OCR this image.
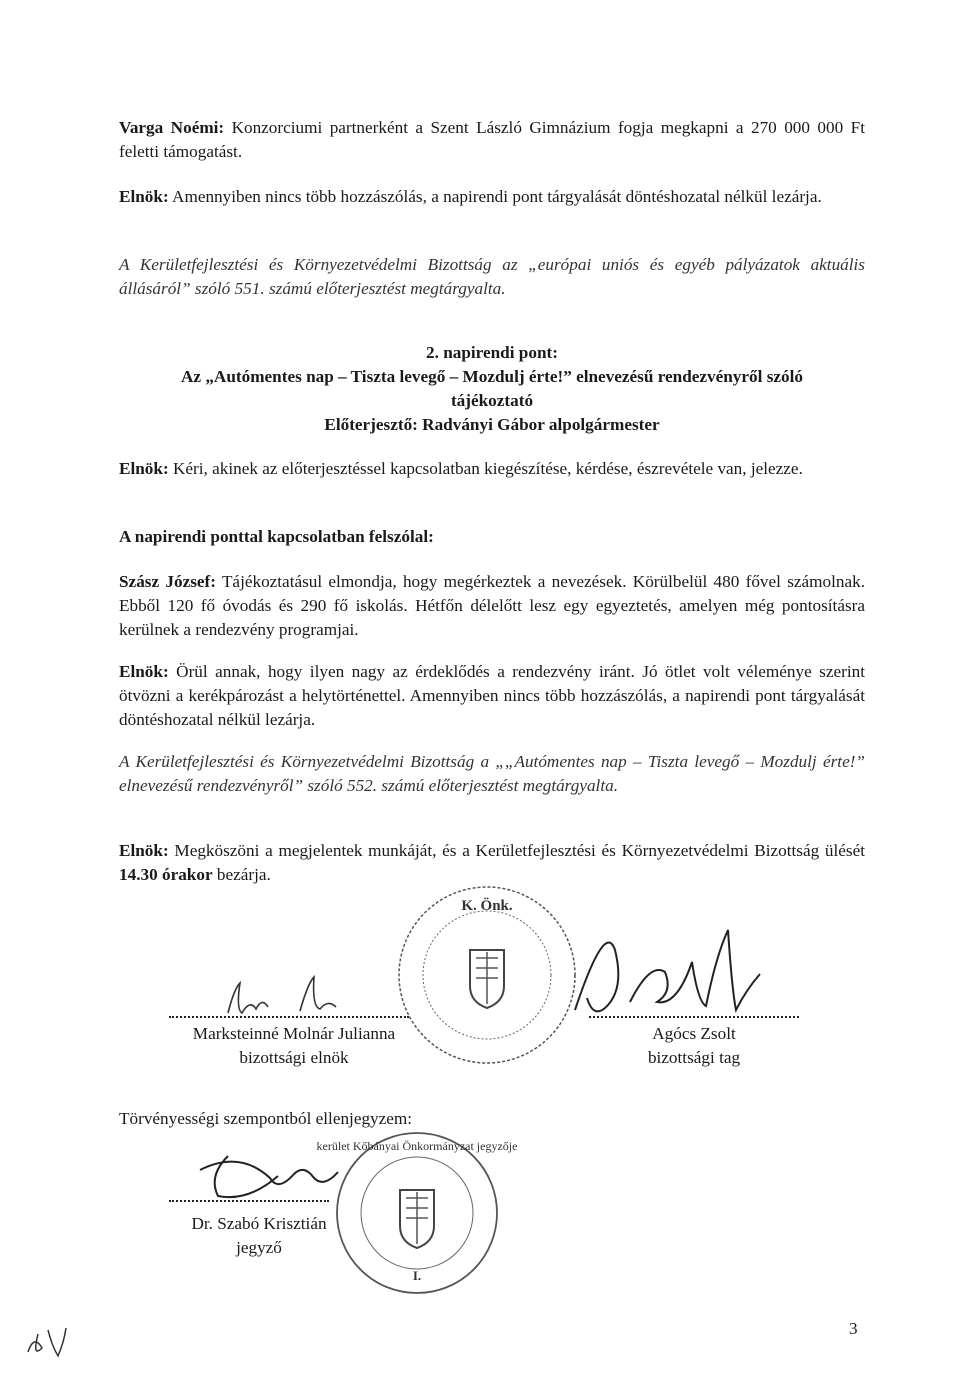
Varga Noémi: Konzorciumi partnerként a Szent László Gimnázium fogja megkapni a 270 000 000 Ft feletti támogatást.

Elnök: Amennyiben nincs több hozzászólás, a napirendi pont tárgyalását döntéshozatal nélkül lezárja.

A Kerületfejlesztési és Környezetvédelmi Bizottság az „európai uniós és egyéb pályázatok aktuális állásáról” szóló 551. számú előterjesztést megtárgyalta.

2. napirendi pont:

Az „Autómentes nap – Tiszta levegő – Mozdulj érte!” elnevezésű rendezvényről szóló

tájékoztató

Előterjesztő: Radványi Gábor alpolgármester

Elnök: Kéri, akinek az előterjesztéssel kapcsolatban kiegészítése, kérdése, észrevétele van, jelezze.

A napirendi ponttal kapcsolatban felszólal:

Szász József: Tájékoztatásul elmondja, hogy megérkeztek a nevezések. Körülbelül 480 fővel számolnak. Ebből 120 fő óvodás és 290 fő iskolás. Hétfőn délelőtt lesz egy egyeztetés, amelyen még pontosításra kerülnek a rendezvény programjai.

Elnök: Örül annak, hogy ilyen nagy az érdeklődés a rendezvény iránt. Jó ötlet volt véleménye szerint ötvözni a kerékpározást a helytörténettel. Amennyiben nincs több hozzászólás, a napirendi pont tárgyalását döntéshozatal nélkül lezárja.

A Kerületfejlesztési és Környezetvédelmi Bizottság a „„Autómentes nap – Tiszta levegő – Mozdulj érte!” elnevezésű rendezvényről” szóló 552. számú előterjesztést megtárgyalta.

Elnök: Megköszöni a megjelentek munkáját, és a Kerületfejlesztési és Környezetvédelmi Bizottság ülését 14.30 órakor bezárja.

K. Önk.

Marksteinné Molnár Julianna

bizottsági elnök

Agócs Zsolt

bizottsági tag

Törvényességi szempontból ellenjegyzem:

kerület Kőbányai Önkormányzat jegyzője
I.

Dr. Szabó Krisztián

jegyző

3
